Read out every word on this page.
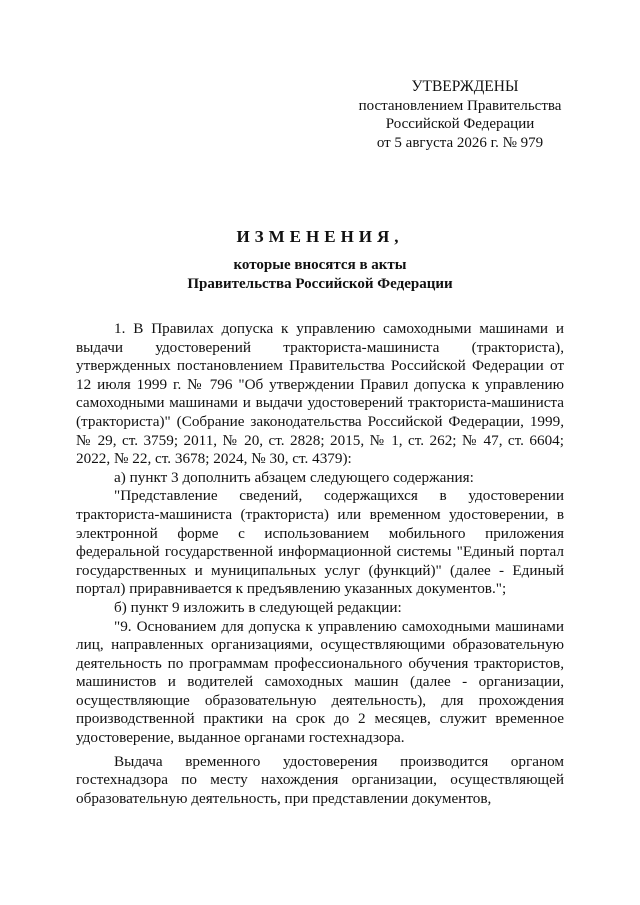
УТВЕРЖДЕНЫ
постановлением Правительства
Российской Федерации
от 5 августа 2026 г. № 979
ИЗМЕНЕНИЯ,
которые вносятся в акты
Правительства Российской Федерации

1. В Правилах допуска к управлению самоходными машинами и выдачи удостоверений тракториста-машиниста (тракториста), утвержденных постановлением Правительства Российской Федерации от 12 июля 1999 г. № 796 "Об утверждении Правил допуска к управлению самоходными машинами и выдачи удостоверений тракториста-машиниста (тракториста)" (Собрание законодательства Российской Федерации, 1999, № 29, ст. 3759; 2011, № 20, ст. 2828; 2015, № 1, ст. 262; № 47, ст. 6604; 2022, № 22, ст. 3678; 2024, № 30, ст. 4379):

а) пункт 3 дополнить абзацем следующего содержания:

"Представление сведений, содержащихся в удостоверении тракториста-машиниста (тракториста) или временном удостоверении, в электронной форме с использованием мобильного приложения федеральной государственной информационной системы "Единый портал государственных и муниципальных услуг (функций)" (далее - Единый портал) приравнивается к предъявлению указанных документов.";

б) пункт 9 изложить в следующей редакции:

"9. Основанием для допуска к управлению самоходными машинами лиц, направленных организациями, осуществляющими образовательную деятельность по программам профессионального обучения трактористов, машинистов и водителей самоходных машин (далее - организации, осуществляющие образовательную деятельность), для прохождения производственной практики на срок до 2 месяцев, служит временное удостоверение, выданное органами гостехнадзора.

Выдача временного удостоверения производится органом гостехнадзора по месту нахождения организации, осуществляющей образовательную деятельность, при представлении документов,
